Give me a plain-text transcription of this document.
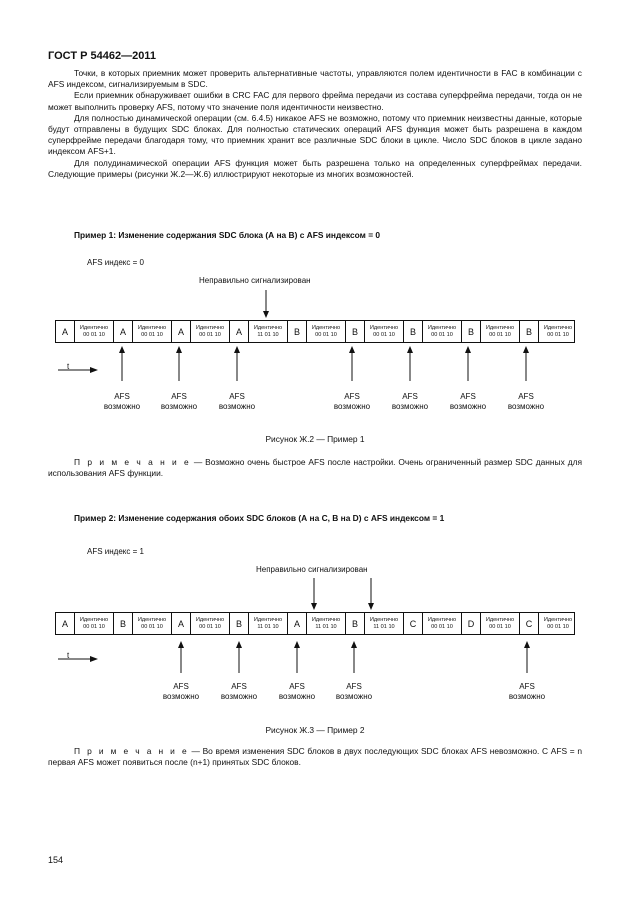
ГОСТ Р 54462—2011

Точки, в которых приемник может проверить альтернативные частоты, управляются полем идентичности в FAC в комбинации с AFS индексом, сигнализируемым в SDC.

Если приемник обнаруживает ошибки в CRC FAC для первого фрейма передачи из состава суперфрейма передачи, тогда он не может выполнить проверку AFS, потому что значение поля идентичности неизвестно.

Для полностью динамической операции (см. 6.4.5) никакое AFS не возможно, потому что приемник неизвестны данные, которые будут отправлены в будущих SDC блоках. Для полностью статических операций AFS функция может быть разрешена в каждом суперфрейме передачи благодаря тому, что приемник хранит все различные SDC блоки в цикле. Число SDC блоков в цикле задано индексом AFS+1.

Для полудинамической операции AFS функция может быть разрешена только на определенных суперфреймах передачи. Следующие примеры (рисунки Ж.2—Ж.6) иллюстрируют некоторые из многих возможностей.

Пример 1: Изменение содержания SDC блока (А на В) с AFS индексом = 0
AFS индекс = 0
Неправильно сигнализирован
A	Идентично
00 01 10	A	Идентично
00 01 10	A	Идентично
00 01 10	A	Идентично
11 01 10	B	Идентично
00 01 10	B	Идентично
00 01 10	B	Идентично
00 01 10	B	Идентично
00 01 10	B	Идентично
00 01 10
t
AFS
возможно
AFS
возможно
AFS
возможно
AFS
возможно
AFS
возможно
AFS
возможно
AFS
возможно
Рисунок Ж.2 — Пример 1
П р и м е ч а н и е — Возможно очень быстрое AFS после настройки. Очень ограниченный размер SDC данных для использования AFS функции.
Пример 2: Изменение содержания обоих SDC блоков (А на С, В на D) с AFS индексом = 1
AFS индекс = 1
Неправильно сигнализирован
A	Идентично
00 01 10	B	Идентично
00 01 10	A	Идентично
00 01 10	B	Идентично
11 01 10	A	Идентично
11 01 10	B	Идентично
11 01 10	C	Идентично
00 01 10	D	Идентично
00 01 10	C	Идентично
00 01 10
t
AFS
возможно
AFS
возможно
AFS
возможно
AFS
возможно
AFS
возможно
Рисунок Ж.3 — Пример 2
П р и м е ч а н и е — Во время изменения SDC блоков в двух последующих SDC блоках AFS невозможно. С AFS = n первая AFS может появиться после (n+1) принятых SDC блоков.
154
